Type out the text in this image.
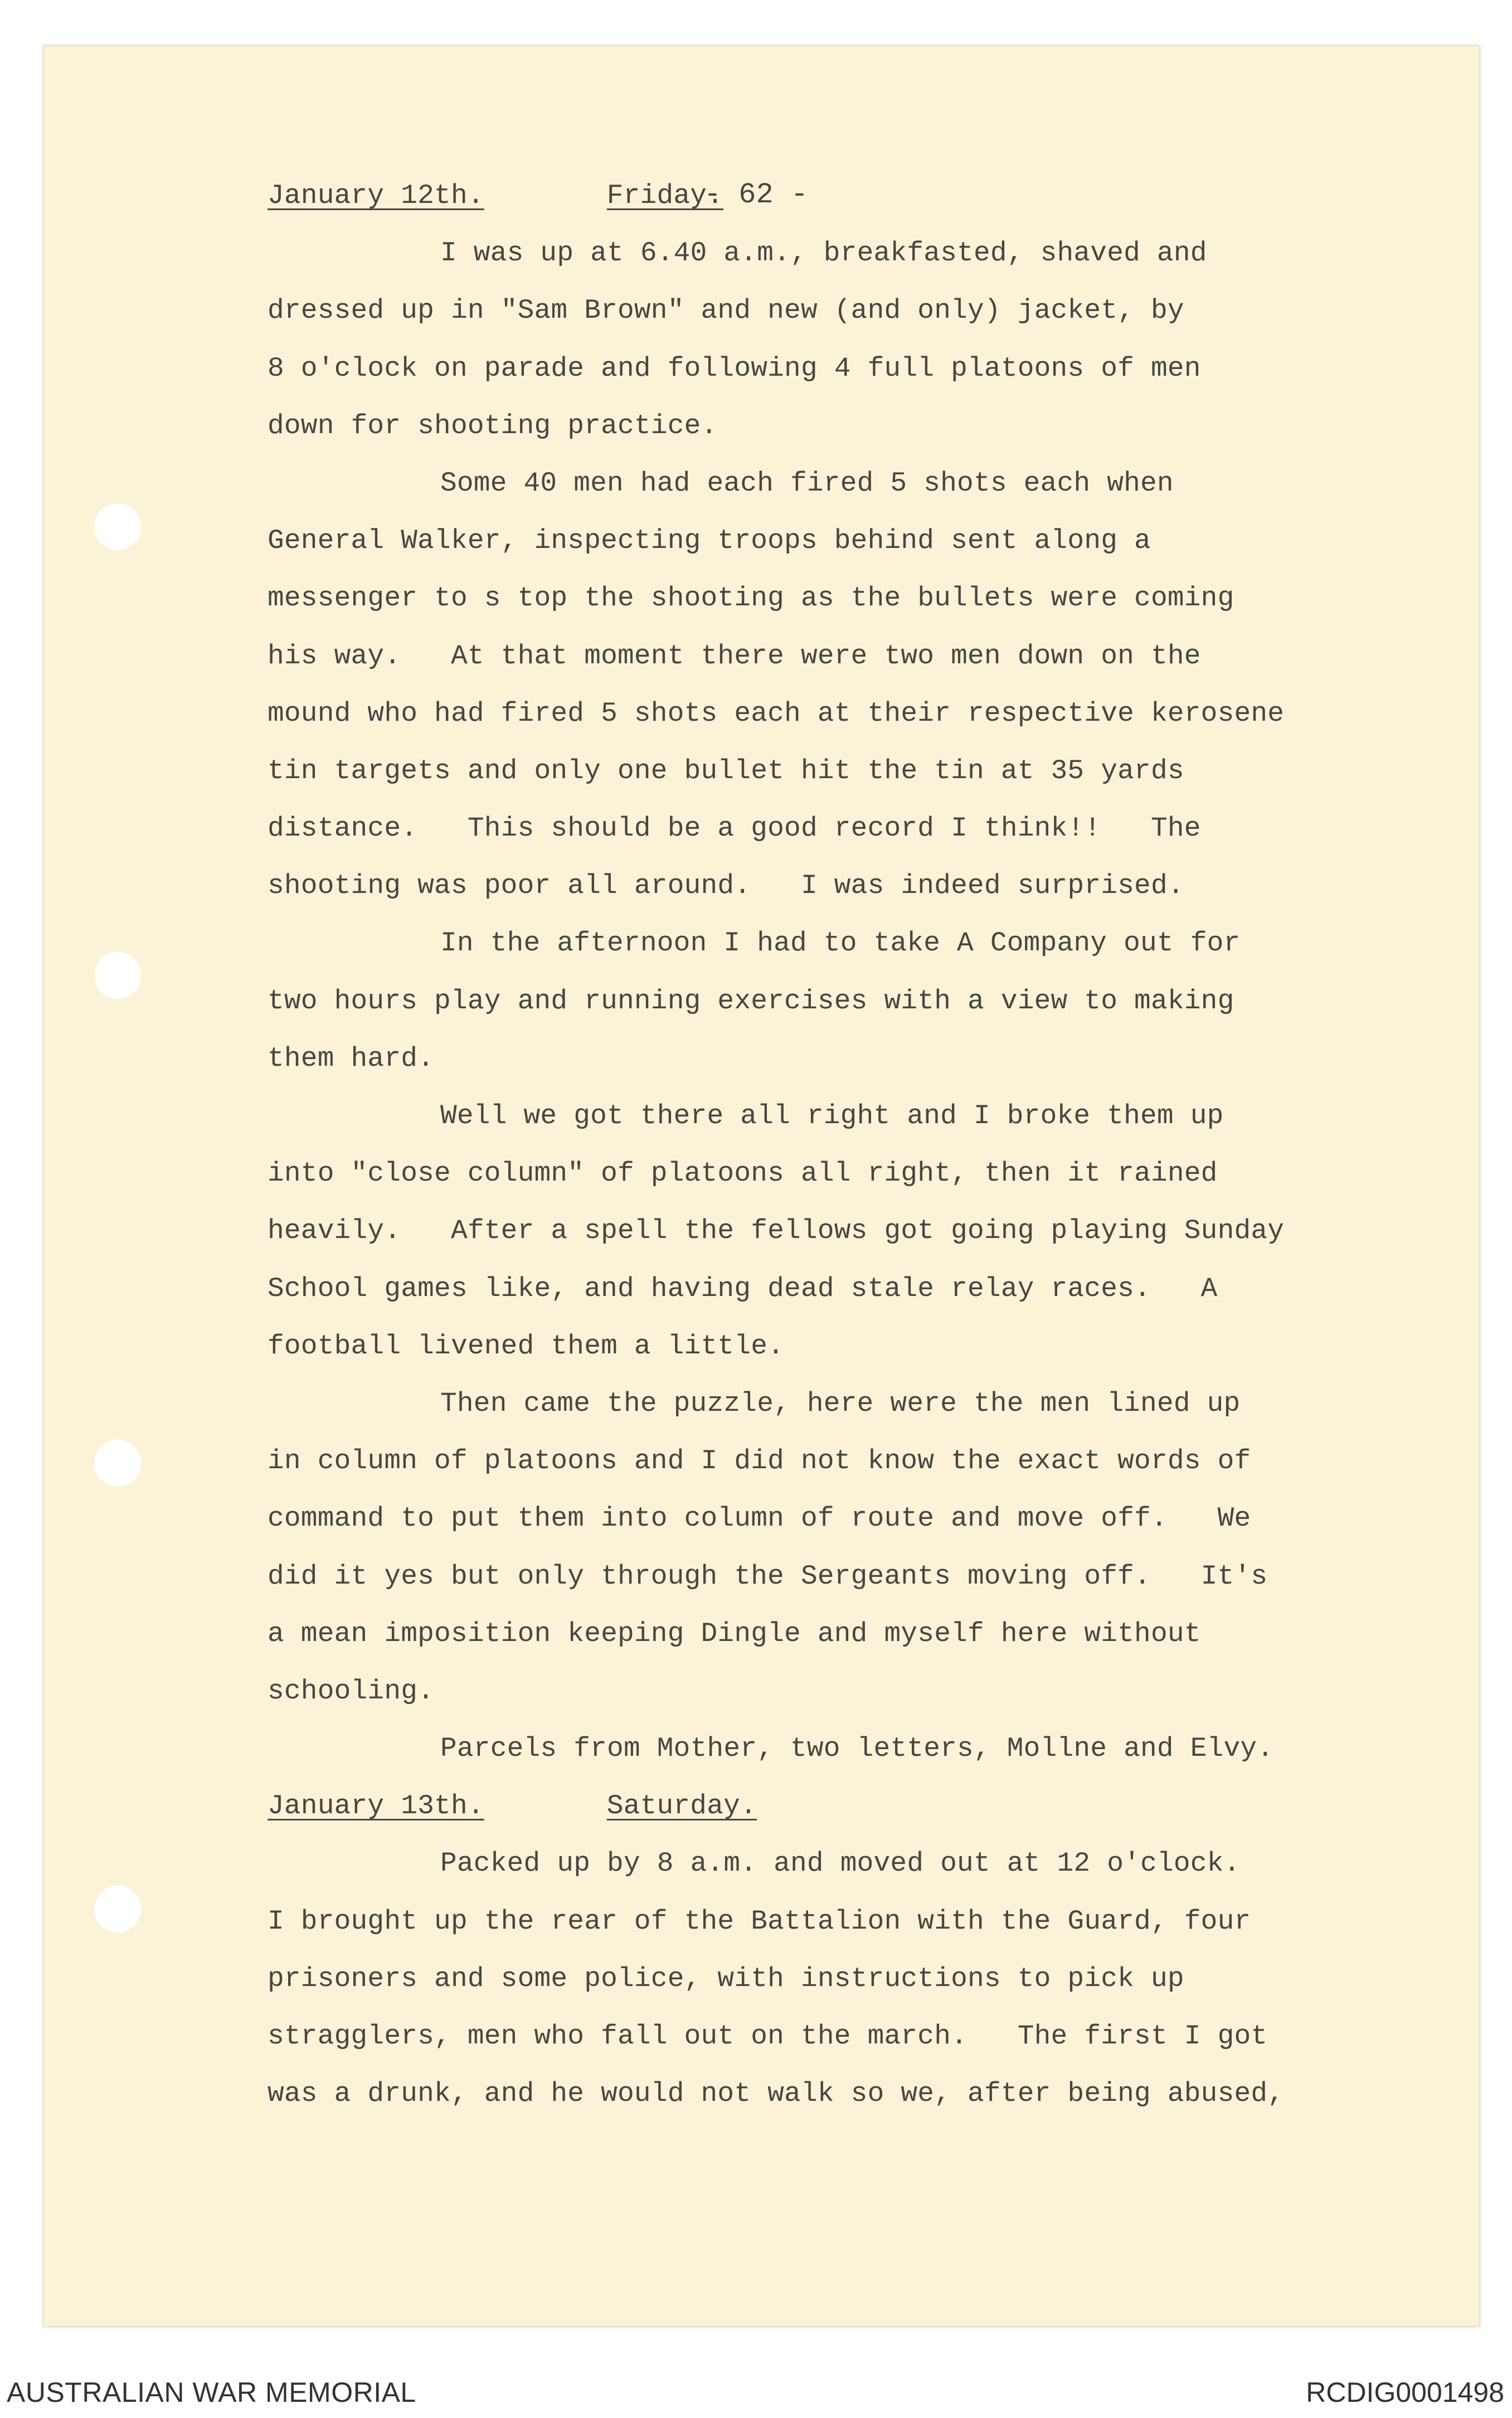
- 62 -
January 12th.	Friday.
I was up at 6.40 a.m., breakfasted, shaved and
dressed up in "Sam Brown" and new (and only) jacket, by
8 o'clock on parade and following 4 full platoons of men
down for shooting practice.
Some 40 men had each fired 5 shots each when
General Walker, inspecting troops behind sent along a
messenger to s top the shooting as the bullets were coming
his way.   At that moment there were two men down on the
mound who had fired 5 shots each at their respective kerosene
tin targets and only one bullet hit the tin at 35 yards
distance.   This should be a good record I think!!   The
shooting was poor all around.   I was indeed surprised.
In the afternoon I had to take A Company out for
two hours play and running exercises with a view to making
them hard.
Well we got there all right and I broke them up
into "close column" of platoons all right, then it rained
heavily.   After a spell the fellows got going playing Sunday
School games like, and having dead stale relay races.   A
football livened them a little.
Then came the puzzle, here were the men lined up
in column of platoons and I did not know the exact words of
command to put them into column of route and move off.   We
did it yes but only through the Sergeants moving off.   It's
a mean imposition keeping Dingle and myself here without
schooling.
Parcels from Mother, two letters, Mollne and Elvy.
January 13th.	Saturday.
Packed up by 8 a.m. and moved out at 12 o'clock.
I brought up the rear of the Battalion with the Guard, four
prisoners and some police, with instructions to pick up
stragglers, men who fall out on the march.   The first I got
was a drunk, and he would not walk so we, after being abused,
AUSTRALIAN WAR MEMORIAL	RCDIG0001498
